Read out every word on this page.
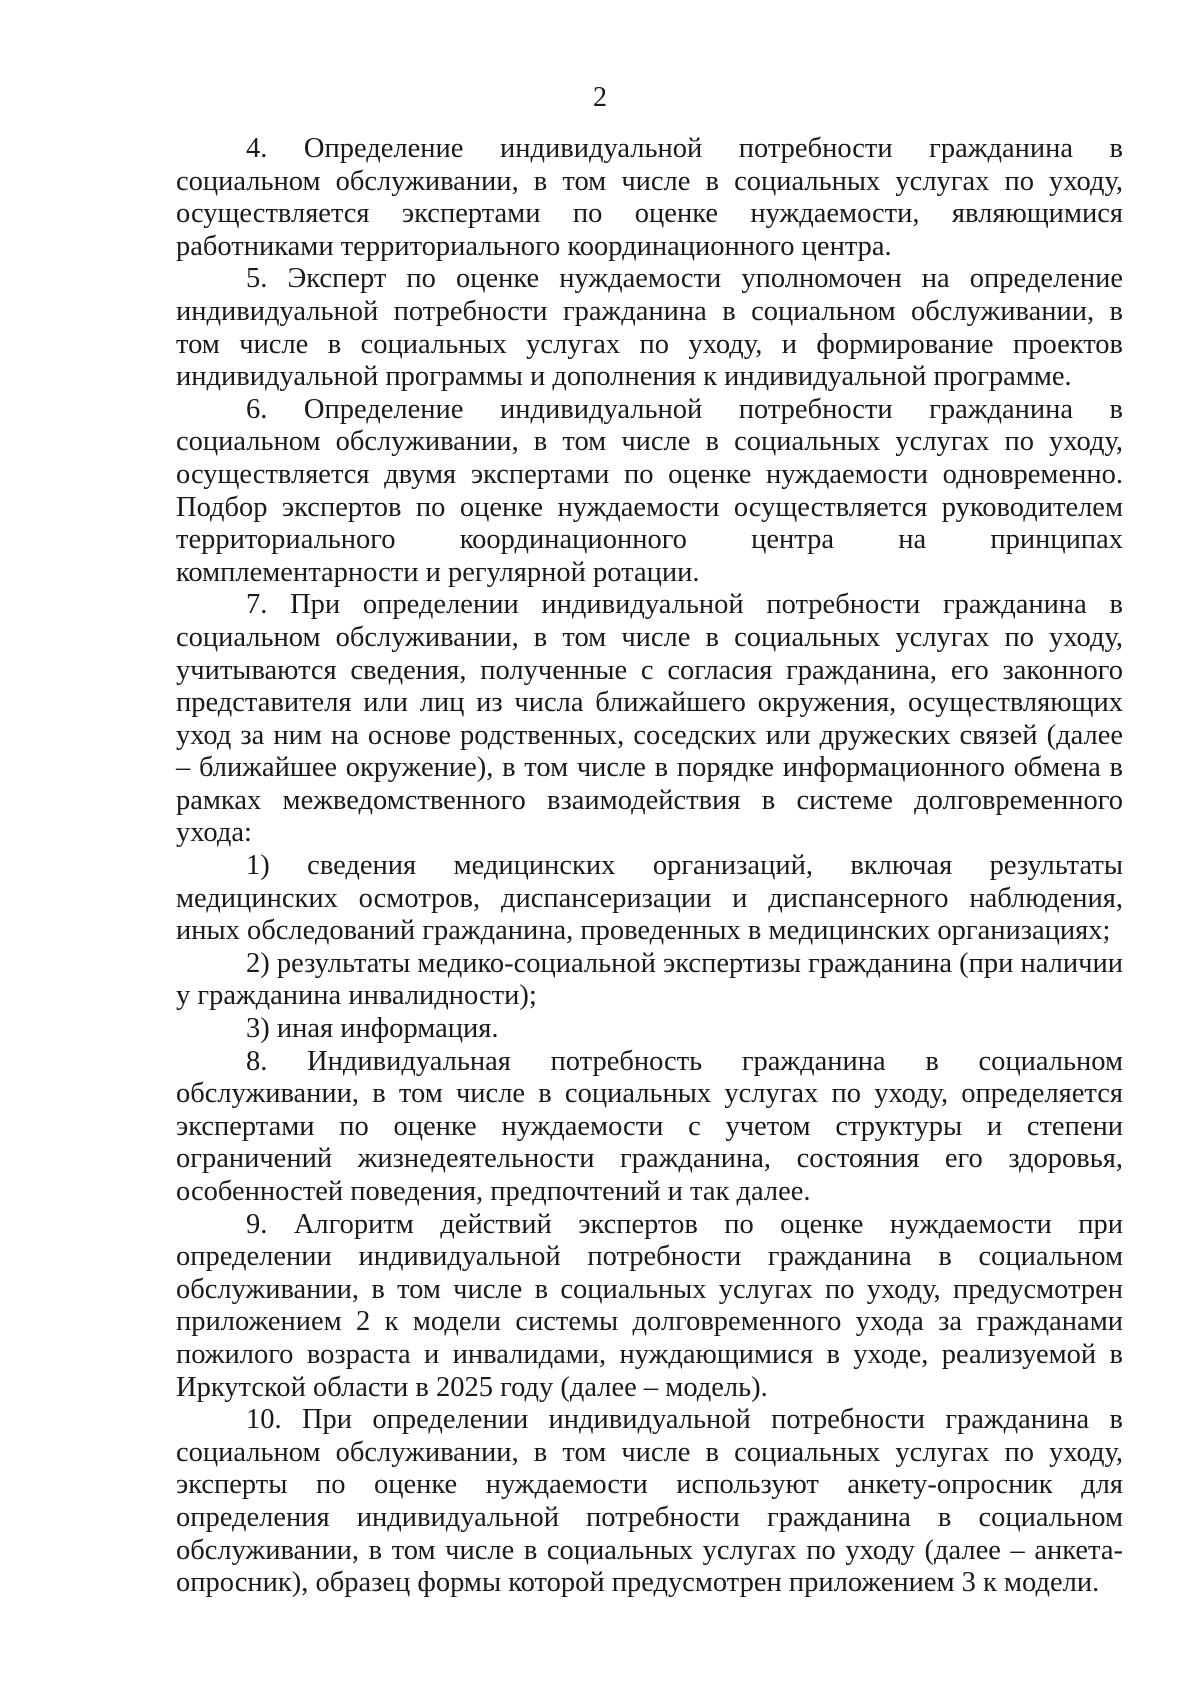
2

4. Определение индивидуальной потребности гражданина в социальном обслуживании, в том числе в социальных услугах по уходу, осуществляется экспертами по оценке нуждаемости, являющимися работниками территориального координационного центра.

5. Эксперт по оценке нуждаемости уполномочен на определение индивидуальной потребности гражданина в социальном обслуживании, в том числе в социальных услугах по уходу, и формирование проектов индивидуальной программы и дополнения к индивидуальной программе.

6. Определение индивидуальной потребности гражданина в социальном обслуживании, в том числе в социальных услугах по уходу, осуществляется двумя экспертами по оценке нуждаемости одновременно. Подбор экспертов по оценке нуждаемости осуществляется руководителем территориального координационного центра на принципах комплементарности и регулярной ротации.

7. При определении индивидуальной потребности гражданина в социальном обслуживании, в том числе в социальных услугах по уходу, учитываются сведения, полученные с согласия гражданина, его законного представителя или лиц из числа ближайшего окружения, осуществляющих уход за ним на основе родственных, соседских или дружеских связей (далее – ближайшее окружение), в том числе в порядке информационного обмена в рамках межведомственного взаимодействия в системе долговременного ухода:

1) сведения медицинских организаций, включая результаты медицинских осмотров, диспансеризации и диспансерного наблюдения, иных обследований гражданина, проведенных в медицинских организациях;

2) результаты медико-социальной экспертизы гражданина (при наличии у гражданина инвалидности);

3) иная информация.

8. Индивидуальная потребность гражданина в социальном обслуживании, в том числе в социальных услугах по уходу, определяется экспертами по оценке нуждаемости с учетом структуры и степени ограничений жизнедеятельности гражданина, состояния его здоровья, особенностей поведения, предпочтений и так далее.

9. Алгоритм действий экспертов по оценке нуждаемости при определении индивидуальной потребности гражданина в социальном обслуживании, в том числе в социальных услугах по уходу, предусмотрен приложением 2 к модели системы долговременного ухода за гражданами пожилого возраста и инвалидами, нуждающимися в уходе, реализуемой в Иркутской области в 2025 году (далее – модель).

10. При определении индивидуальной потребности гражданина в социальном обслуживании, в том числе в социальных услугах по уходу, эксперты по оценке нуждаемости используют анкету-опросник для определения индивидуальной потребности гражданина в социальном обслуживании, в том числе в социальных услугах по уходу (далее – анкета-опросник), образец формы которой предусмотрен приложением 3 к модели.
